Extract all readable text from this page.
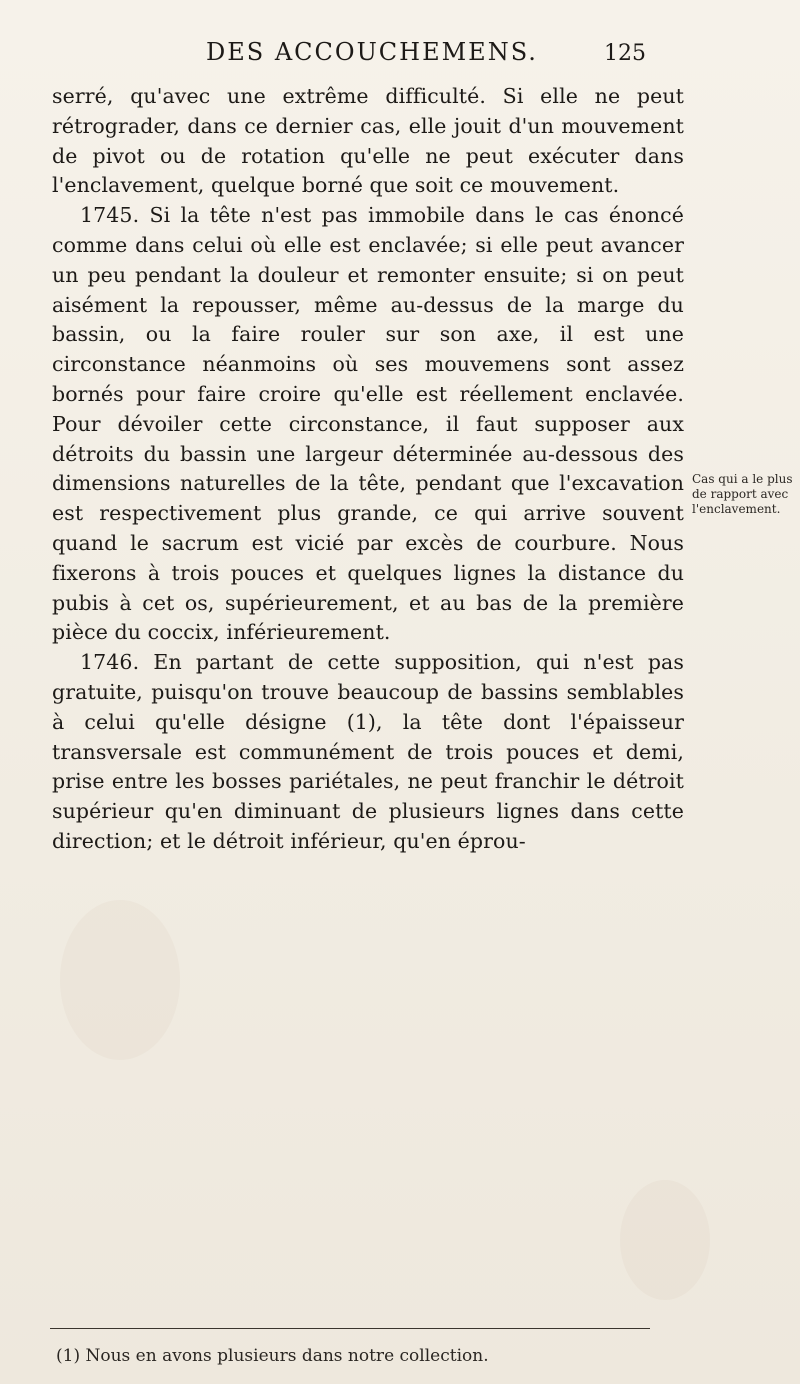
DES ACCOUCHEMENS.	125

serré, qu'avec une extrême difficulté. Si elle ne peut rétrograder, dans ce dernier cas, elle jouit d'un mouvement de pivot ou de rotation qu'elle ne peut exécuter dans l'enclavement, quelque borné que soit ce mouvement.

1745. Si la tête n'est pas immobile dans le cas énoncé comme dans celui où elle est enclavée; si elle peut avancer un peu pendant la douleur et remonter ensuite; si on peut aisément la repousser, même au-dessus de la marge du bassin, ou la faire rouler sur son axe, il est une circonstance néanmoins où ses mouvemens sont assez bornés pour faire croire qu'elle est réellement enclavée. Pour dévoiler cette circonstance, il faut supposer aux détroits du bassin une largeur déterminée au-dessous des dimensions naturelles de la tête, pendant que l'excavation est respectivement plus grande, ce qui arrive souvent quand le sacrum est vicié par excès de courbure. Nous fixerons à trois pouces et quelques lignes la distance du pubis à cet os, supérieurement, et au bas de la première pièce du coccix, inférieurement.

1746. En partant de cette supposition, qui n'est pas gratuite, puisqu'on trouve beaucoup de bassins semblables à celui qu'elle désigne (1), la tête dont l'épaisseur transversale est communément de trois pouces et demi, prise entre les bosses pariétales, ne peut franchir le détroit supérieur qu'en diminuant de plusieurs lignes dans cette direction; et le détroit inférieur, qu'en éprou-

Cas qui a le plus de rapport avec l'enclavement.
(1) Nous en avons plusieurs dans notre collection.
